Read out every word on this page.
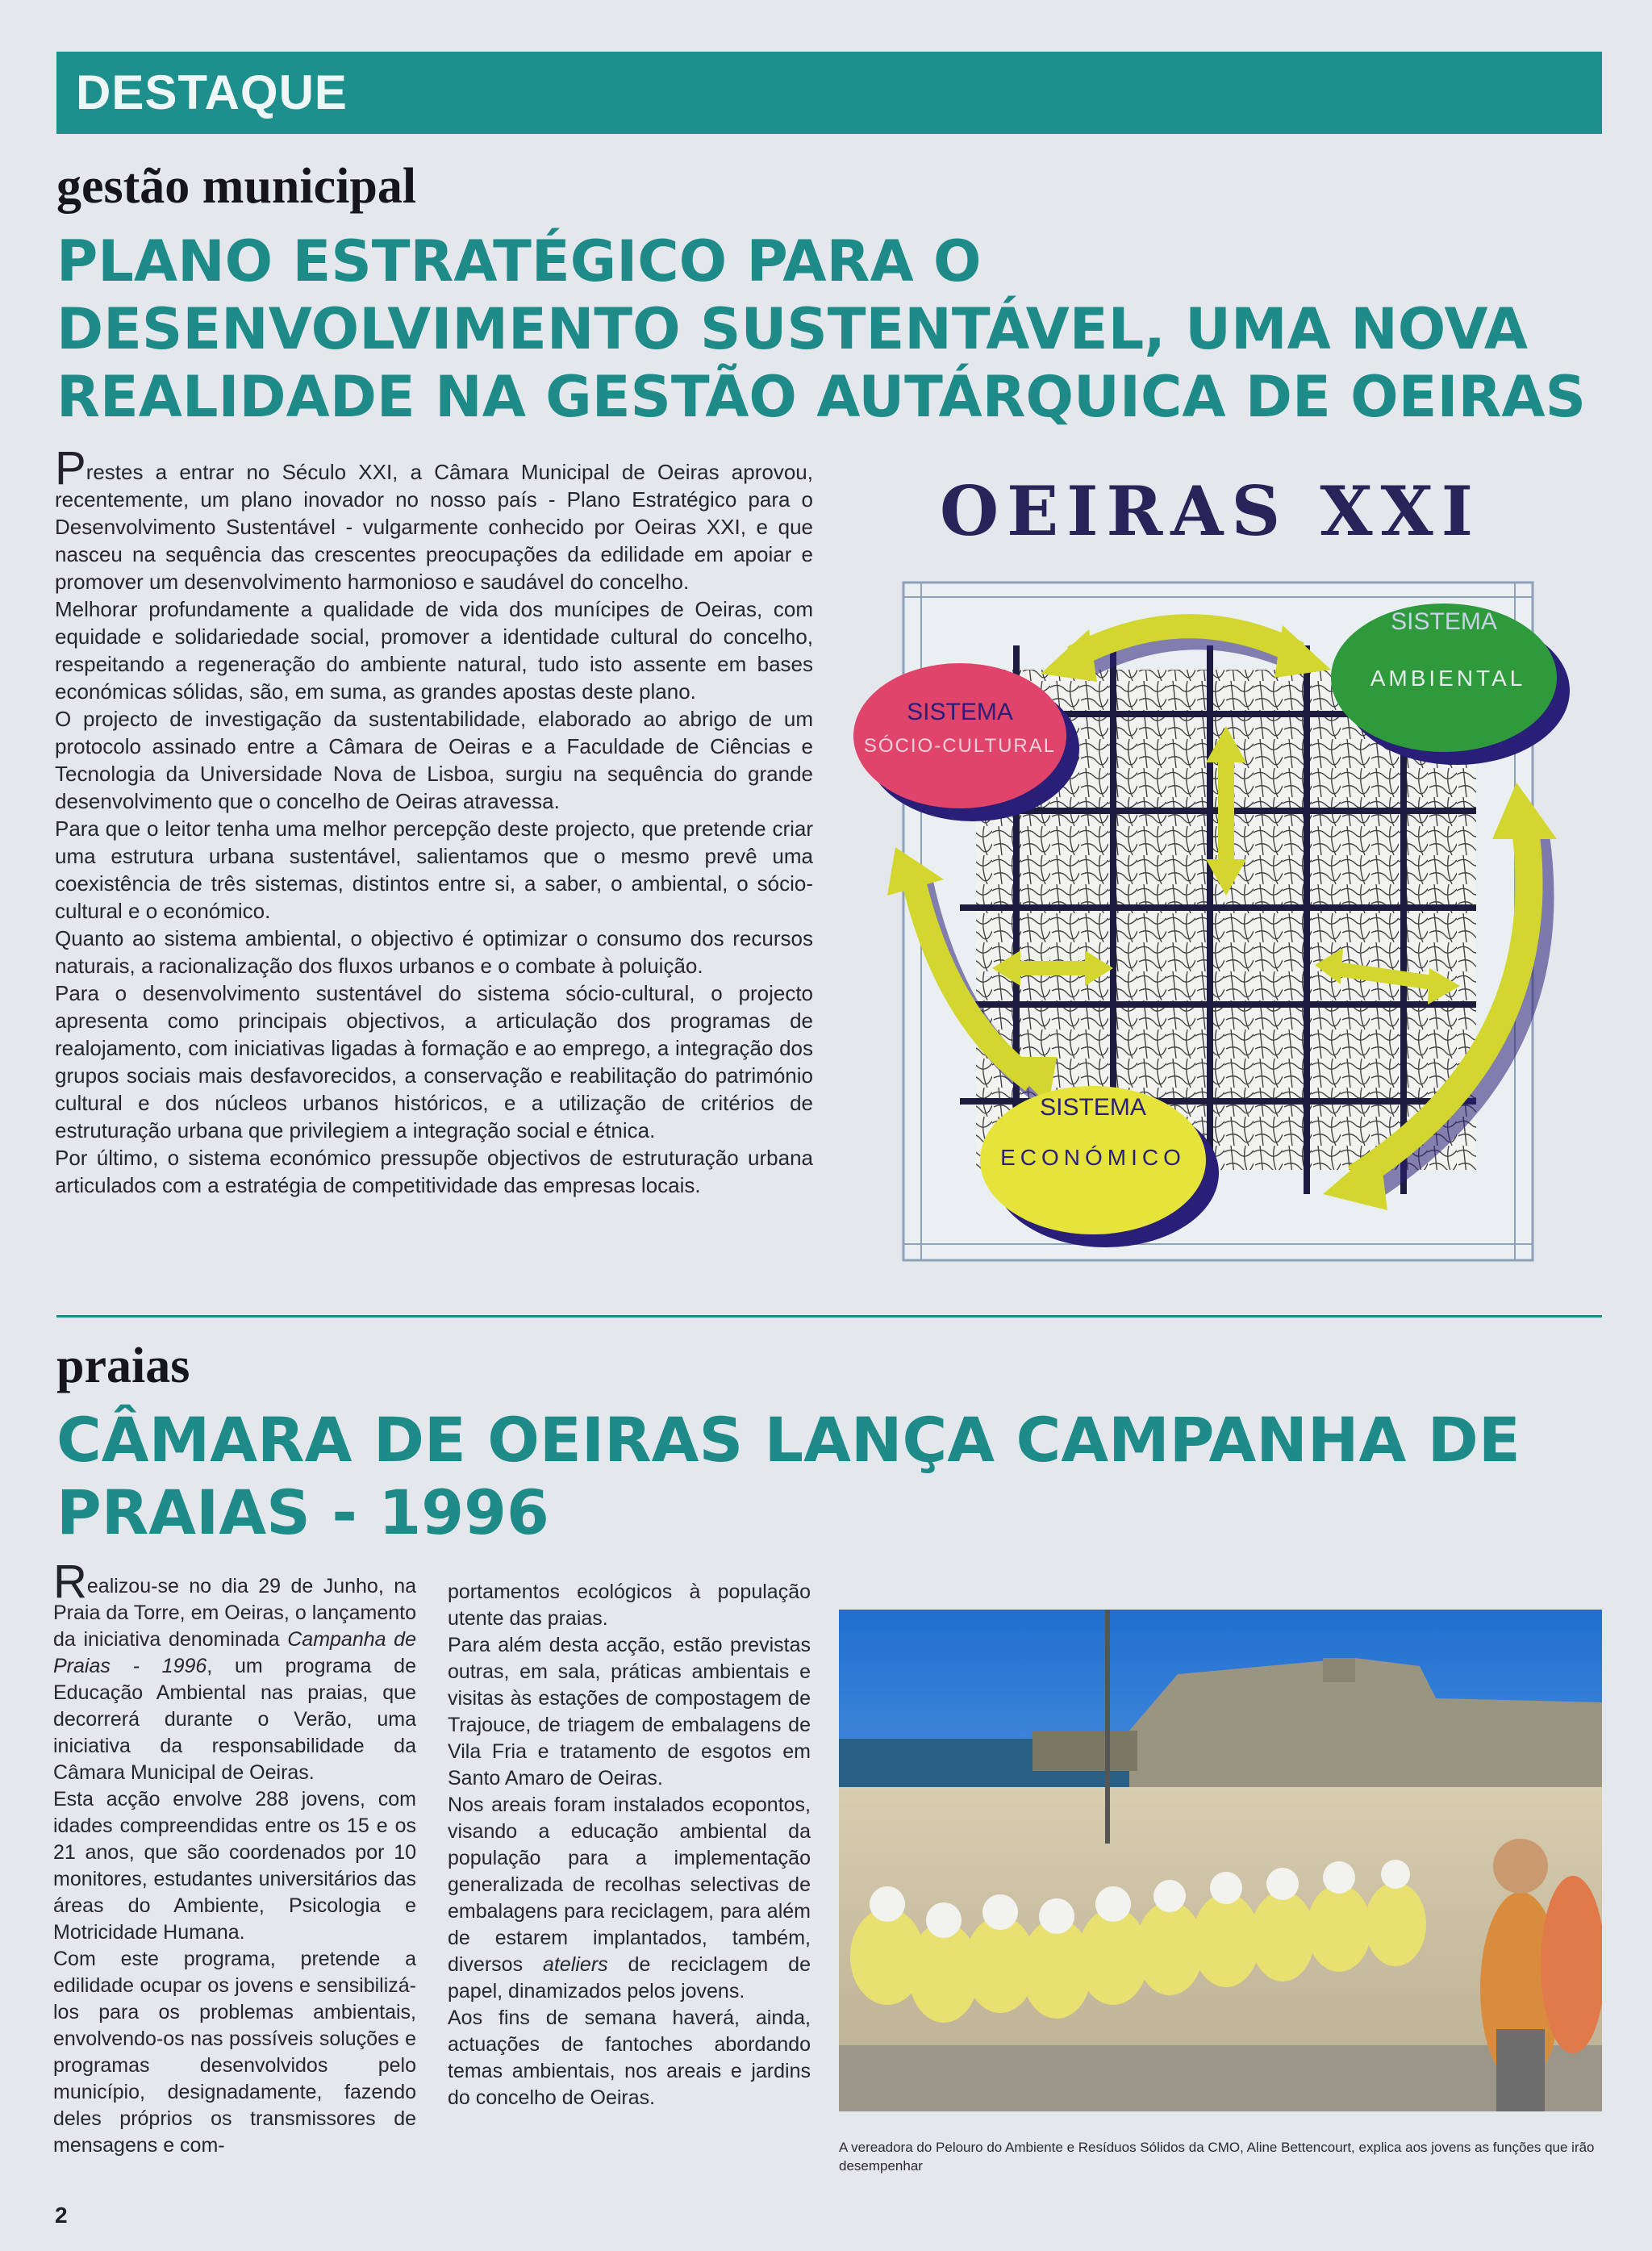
DESTAQUE
gestão municipal
PLANO ESTRATÉGICO PARA O DESENVOLVIMENTO SUSTENTÁVEL, UMA NOVA REALIDADE NA GESTÃO AUTÁRQUICA DE OEIRAS

Prestes a entrar no Século XXI, a Câmara Municipal de Oeiras aprovou, recentemente, um plano inovador no nosso país - Plano Estratégico para o Desenvolvimento Sustentável - vulgarmente conhecido por Oeiras XXI, e que nasceu na sequência das crescentes preocupações da edilidade em apoiar e promover um desenvolvimento harmonioso e saudável do concelho.

Melhorar profundamente a qualidade de vida dos munícipes de Oeiras, com equidade e solidariedade social, promover a identidade cultural do concelho, respeitando a regeneração do ambiente natural, tudo isto assente em bases económicas sólidas, são, em suma, as grandes apostas deste plano.

O projecto de investigação da sustentabilidade, elaborado ao abrigo de um protocolo assinado entre a Câmara de Oeiras e a Faculdade de Ciências e Tecnologia da Universidade Nova de Lisboa, surgiu na sequência do grande desenvolvimento que o concelho de Oeiras atravessa.

Para que o leitor tenha uma melhor percepção deste projecto, que pretende criar uma estrutura urbana sustentável, salientamos que o mesmo prevê uma coexistência de três sistemas, distintos entre si, a saber, o ambiental, o sócio-cultural e o económico.

Quanto ao sistema ambiental, o objectivo é optimizar o consumo dos recursos naturais, a racionalização dos fluxos urbanos e o combate à poluição.

Para o desenvolvimento sustentável do sistema sócio-cultural, o projecto apresenta como principais objectivos, a articulação dos programas de realojamento, com iniciativas ligadas à formação e ao emprego, a integração dos grupos sociais mais desfavorecidos, a conservação e reabilitação do património cultural e dos núcleos urbanos históricos, e a utilização de critérios de estruturação urbana que privilegiem a integração social e étnica.

Por último, o sistema económico pressupõe objectivos de estruturação urbana articulados com a estratégia de competitividade das empresas locais.

OEIRAS XXI
SISTEMA
SÓCIO-CULTURAL
SISTEMA
AMBIENTAL
SISTEMA
ECONÓMICO
praias
CÂMARA DE OEIRAS LANÇA CAMPANHA DE PRAIAS - 1996

Realizou-se no dia 29 de Junho, na Praia da Torre, em Oeiras, o lançamento da iniciativa denominada Campanha de Praias - 1996, um programa de Educação Ambiental nas praias, que decorrerá durante o Verão, uma iniciativa da responsabilidade da Câmara Municipal de Oeiras.

Esta acção envolve 288 jovens, com idades compreendidas entre os 15 e os 21 anos, que são coordenados por 10 monitores, estudantes universitários das áreas do Ambiente, Psicologia e Motricidade Humana.

Com este programa, pretende a edilidade ocupar os jovens e sensibilizá-los para os problemas ambientais, envolvendo-os nas possíveis soluções e programas desenvolvidos pelo município, designadamente, fazendo deles próprios os transmissores de mensagens e com-

portamentos ecológicos à população utente das praias.

Para além desta acção, estão previstas outras, em sala, práticas ambientais e visitas às estações de compostagem de Trajouce, de triagem de embalagens de Vila Fria e tratamento de esgotos em Santo Amaro de Oeiras.

Nos areais foram instalados ecopontos, visando a educação ambiental da população para a implementação generalizada de recolhas selectivas de embalagens para reciclagem, para além de estarem implantados, também, diversos ateliers de reciclagem de papel, dinamizados pelos jovens.

Aos fins de semana haverá, ainda, actuações de fantoches abordando temas ambientais, nos areais e jardins do concelho de Oeiras.

A vereadora do Pelouro do Ambiente e Resíduos Sólidos da CMO, Aline Bettencourt, explica aos jovens as funções que irão desempenhar
2
